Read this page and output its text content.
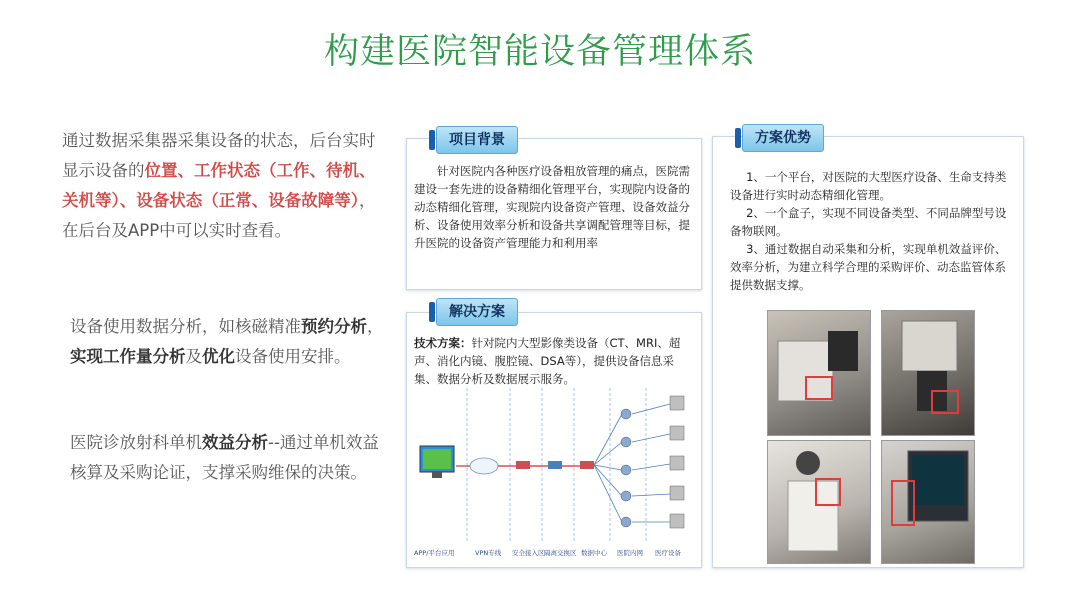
构建医院智能设备管理体系
通过数据采集器采集设备的状态，后台实时显示设备的位置、工作状态（工作、待机、关机等）、设备状态（正常、设备故障等），在后台及APP中可以实时查看。
设备使用数据分析，如核磁精准预约分析，实现工作量分析及优化设备使用安排。
医院诊放射科单机效益分析--通过单机效益核算及采购论证，支撑采购维保的决策。
项目背景
针对医院内各种医疗设备粗放管理的痛点，医院需建设一套先进的设备精细化管理平台，实现院内设备的动态精细化管理，实现院内设备资产管理、设备效益分析、设备使用效率分析和设备共享调配管理等目标，提升医院的设备资产管理能力和利用率
解决方案
技术方案：针对院内大型影像类设备（CT、MRI、超声、消化内镜、腹腔镜、DSA等），提供设备信息采集、数据分析及数据展示服务。
APP/平台应用	VPN专线 安全接入区 隔离交换区 数据中心 医院内网 医疗设备
方案优势
1、一个平台，对医院的大型医疗设备、生命支持类设备进行实时动态精细化管理。
2、一个盒子，实现不同设备类型、不同品牌型号设备物联网。
3、通过数据自动采集和分析，实现单机效益评价、效率分析，为建立科学合理的采购评价、动态监管体系提供数据支撑。
